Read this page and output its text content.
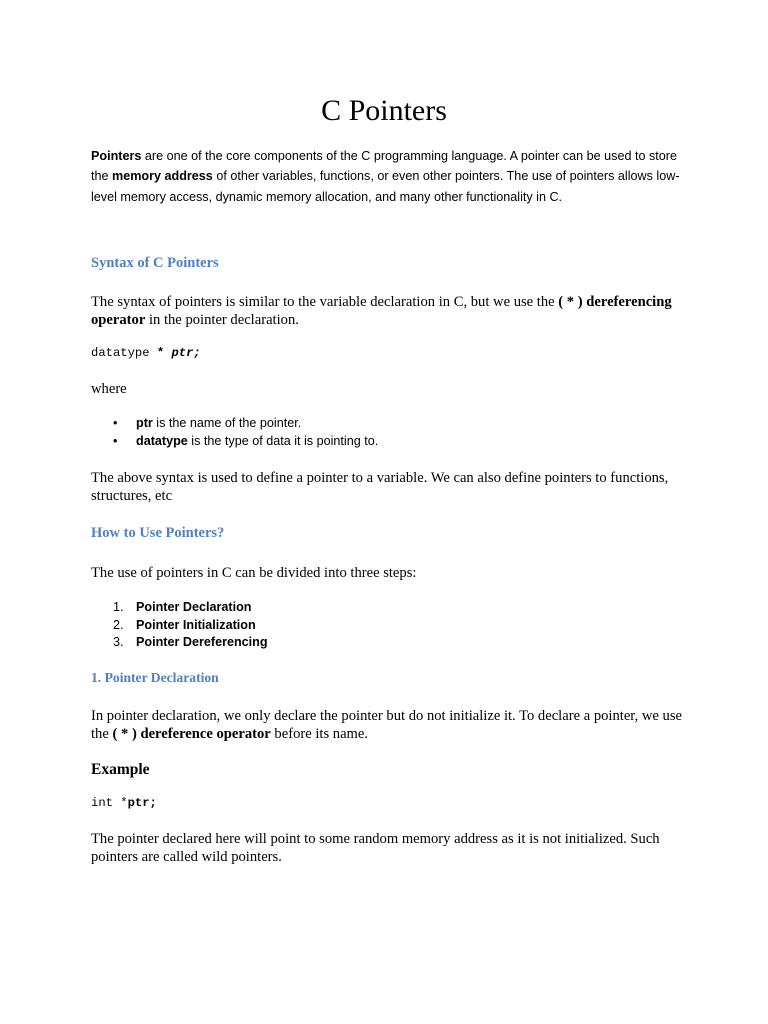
C Pointers

Pointers are one of the core components of the C programming language. A pointer can be used to store the memory address of other variables, functions, or even other pointers. The use of pointers allows low-level memory access, dynamic memory allocation, and many other functionality in C.

Syntax of C Pointers

The syntax of pointers is similar to the variable declaration in C, but we use the ( * ) dereferencing operator in the pointer declaration.

datatype * ptr;

where

• ptr is the name of the pointer.
• datatype is the type of data it is pointing to.

The above syntax is used to define a pointer to a variable. We can also define pointers to functions, structures, etc

How to Use Pointers?

The use of pointers in C can be divided into three steps:

1. Pointer Declaration
2. Pointer Initialization
3. Pointer Dereferencing
1. Pointer Declaration

In pointer declaration, we only declare the pointer but do not initialize it. To declare a pointer, we use the ( * ) dereference operator before its name.

Example
int *ptr;

The pointer declared here will point to some random memory address as it is not initialized. Such pointers are called wild pointers.
